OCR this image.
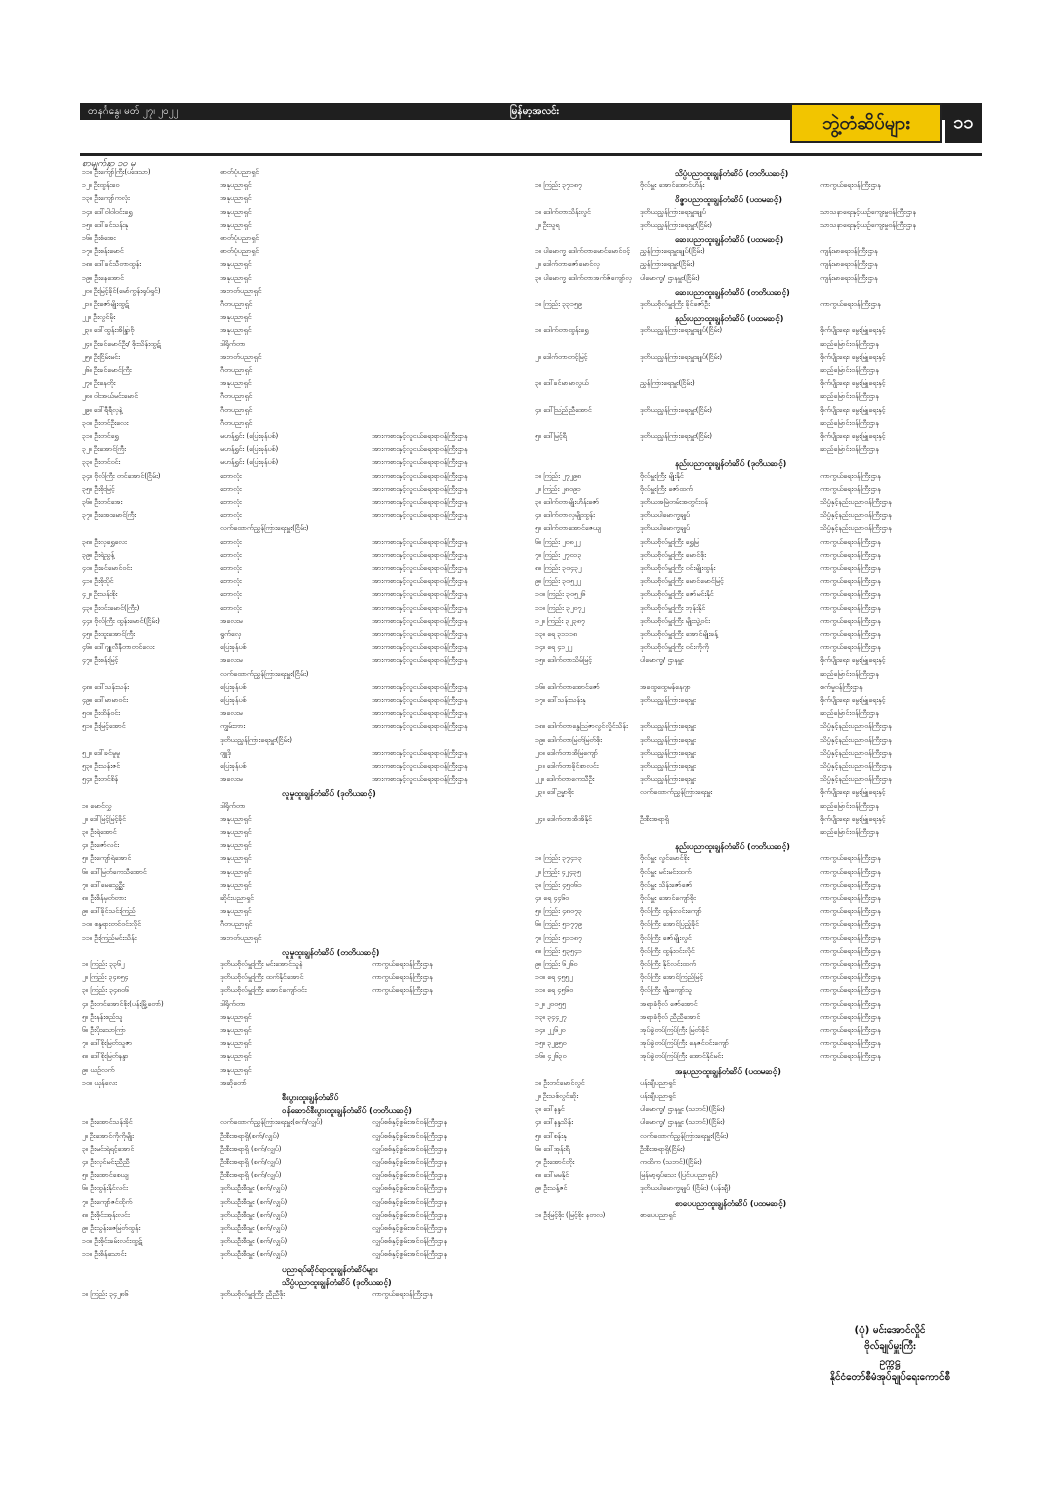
တနင်္ဂနွေ၊ မတ် ၂၇၊ ၂၀၂၂	မြန်မာ့အလင်း
ဘွဲ့တံဆိပ်များ	၁၁
စာမျက်နှာ ၁၀ မှ
၁၁။ ဦးကျော်ကြီး(ပဒေသာ)	ဓာတ်ပုံပညာရှင်
၁၂။ ဦးထွန်းဝေ	အနုပညာရှင်
၁၃။ ဦးကျော်ကလုံး	အနုပညာရှင်
၁၄။ ဒေါ်ဝါဝါဝင်းရွှေ	အနုပညာရှင်
၁၅။ ဒေါ်ခင်သန်းနု	အနုပညာရှင်
၁၆။ ဦးစံအေး	ဓာတ်ပုံပညာရှင်
၁၇။ ဦးစန်းမောင်	ဓာတ်ပုံပညာရှင်
၁၈။ ဒေါ်ခင်သီတာထွန်း	အနုပညာရှင်
၁၉။ ဦးနေအောင်	အနုပညာရှင်
၂၀။ ဦးမြင့်ခိုင်(မော်ကွန်းရုပ်ရှင်)	အဘတ်ပညာရှင်
၂၁။ ဦးဇော်မျိုးထွဋ်	ဂီတပညာရှင်
၂၂။ ဦးလွင်မိုး	အနုပညာရှင်
၂၃။ ဒေါ်ထွန်းအိန္ဒြာဗို	အနုပညာရှင်
၂၄။ ဦးခင်မောင်ဦး/ စိုးသိန်းထွဋ်	ဒါရိုက်တာ
၂၅။ ဦးငြိမ်းမင်း	အဘတ်ပညာရှင်
၂၆။ ဦးခင်မောင်ကြီး	ဂီတပညာရှင်
၂၇။ ဦးနေတိုး	အနုပညာရှင်
၂၈။ ဝါးအယ်မင်းမောင်	ဂီတပညာရှင်
၂၉။ ဒေါ်ရီရီလှနဲ့	ဂီတပညာရှင်
၃၀။ ဦးတင်ဦးလေး	ဂီတပညာရှင်
၃၁။ ဦးတင်ရွှေ	မဟန်ရွှင်း (ပြေးခုန်ပစ်)	အားကစားနှင့်လူငယ်ရေးရာဝန်ကြီးဌာန
၃၂။ ဦးအောင်ကြီး	မဟန်ရွှင်း (ပြေးခုန်ပစ်)	အားကစားနှင့်လူငယ်ရေးရာဝန်ကြီးဌာန
၃၃။ ဦးတင်ဝင်း	မဟန်ရွှင်း (ပြေးခုန်ပစ်)	အားကစားနှင့်လူငယ်ရေးရာဝန်ကြီးဌာန
၃၄။ ဗိုလ်ကြီး တင်အောင်(ငြိမ်း)	ဘောလုံး	အားကစားနှင့်လူငယ်ရေးရာဝန်ကြီးဌာန
၃၅။ ဦးစိုးမြင့်	ဘောလုံး	အားကစားနှင့်လူငယ်ရေးရာဝန်ကြီးဌာန
၃၆။ ဦးတင်အေး	ဘောလုံး	အားကစားနှင့်လူငယ်ရေးရာဝန်ကြီးဌာန
၃၇။ ဦးအေးမောင်ကြီး	ဘောလုံး	အားကစားနှင့်လူငယ်ရေးရာဝန်ကြီးဌာန
လက်ထောက်ညွှန်ကြားရေးမှူး(ငြိမ်း)
၃၈။ ဦးလှရွှေလေး	ဘောလုံး	အားကစားနှင့်လူငယ်ရေးရာဝန်ကြီးဌာန
၃၉။ ဦးရဲညွန့်	ဘောလုံး	အားကစားနှင့်လူငယ်ရေးရာဝန်ကြီးဌာန
၄၀။ ဦးခင်မောင်ဝင်း	ဘောလုံး	အားကစားနှင့်လူငယ်ရေးရာဝန်ကြီးဌာန
၄၁။ ဦးစိုးပိုင်	ဘောလုံး	အားကစားနှင့်လူငယ်ရေးရာဝန်ကြီးဌာန
၄၂။ ဦးသန်းစိုး	ဘောလုံး	အားကစားနှင့်လူငယ်ရေးရာဝန်ကြီးဌာန
၄၃။ ဦးဝင်းမောင်(ကြီး)	ဘောလုံး	အားကစားနှင့်လူငယ်ရေးရာဝန်ကြီးဌာန
၄၄။ ဗိုလ်ကြီး ထွန်းမောင်(ငြိမ်း)	အလေးမ	အားကစားနှင့်လူငယ်ရေးရာဝန်ကြီးဌာန
၄၅။ ဦးထူးအောင်ကြီး	ရွက်လှေ	အားကစားနှင့်လူငယ်ရေးရာဝန်ကြီးဌာန
၄၆။ ဒေါ်ဂျူလီနီတာတင်လေး	ပြေးခုန်ပစ်	အားကစားနှင့်လူငယ်ရေးရာဝန်ကြီးဌာန
၄၇။ ဦးစန်းမြင့်	အလေးမ	အားကစားနှင့်လူငယ်ရေးရာဝန်ကြီးဌာန
လက်ထောက်ညွှန်ကြားရေးမှူး(ငြိမ်း)
၄၈။ ဒေါ်သန်းသန်း	ပြေးခုန်ပစ်	အားကစားနှင့်လူငယ်ရေးရာဝန်ကြီးဌာန
၄၉။ ဒေါ်မာမာဝင်း	ပြေးခုန်ပစ်	အားကစားနှင့်လူငယ်ရေးရာဝန်ကြီးဌာန
၅၀။ ဦးထိန်ဝင်း	အလေးမ	အားကစားနှင့်လူငယ်ရေးရာဝန်ကြီးဌာန
၅၁။ ဦးမြင့်အောင်	ကျွမ်းဘား	အားကစားနှင့်လူငယ်ရေးရာဝန်ကြီးဌာန
ဒုတိယညွှန်ကြားရေးမှူး(ငြိမ်း)
၅၂။ ဒေါ်ခင်မူမူ	ဂျူဒို	အားကစားနှင့်လူငယ်ရေးရာဝန်ကြီးဌာန
၅၃။ ဦးသန်းဇင်	ပြေးခုန်ပစ်	အားကစားနှင့်လူငယ်ရေးရာဝန်ကြီးဌာန
၅၄။ ဦးတင်စိန်	အလေးမ	အားကစားနှင့်လူငယ်ရေးရာဝန်ကြီးဌာန
လူမှုထူးချွန်တံဆိပ် (ဒုတိယဆင့်)
၁။ မောင်လွှ	ဒါရိုက်တာ
၂။ ဒေါ်မြင့်မြင့်ခိုင်	အနုပညာရှင်
၃။ ဦးရဲအောင်	အနုပညာရှင်
၄။ ဦးဇော်လင်း	အနုပညာရှင်
၅။ ဦးကျော်ရဲအောင်	အနုပညာရှင်
၆။ ဒေါ်မြတ်ကေသီအောင်	အနုပညာရှင်
၇။ ဒေါ်မေသွေဥ္ဘီး	အနုပညာရှင်
၈။ ဦးစိန်မှတ်တား	ဆိုင်းပညာရှင်
၉။ ဒေါ်ခိုင်သင်းကြည်	အနုပညာရှင်
၁၀။ စန္ဒရားတင်ဝင်းလိုင်	ဂီတပညာရှင်
၁၁။ ဦးကြည်မင်းသိန်း	အဘတ်ပညာရှင်
လူမှုထူးချွန်တံဆိပ် (တတိယဆင့်)
၁။ ကြည်း ၃၃၆၂	ဒုတိယဗိုလ်မှူးကြီး မင်းအောင်သူနဲ	ကာကွယ်ရေးဝန်ကြီးဌာန
၂။ ကြည်း ၃၄၈၅၄	ဒုတိယဗိုလ်မှူးကြီး ထက်နိုင်အောင်	ကာကွယ်ရေးဝန်ကြီးဌာန
၃။ ကြည်း ၃၄၈၀၆	ဒုတိယဗိုလ်မှူးကြီး အောင်ကျော်ဝင်း	ကာကွယ်ရေးဝန်ကြီးဌာန
၄။ ဦးတင်အောင်စိုး(ပန်းမြို့တော်)	ဒါရိုက်တာ
၅။ ဦးနန်းစည်သူ	အနုပညာရှင်
၆။ ဦးပိုးသောကြာ	အနုပညာရှင်
၇။ ဒေါ်စိုးမြတ်သူဇာ	အနုပညာရှင်
၈။ ဒေါ်စိုးမြတ်နန္ဒာ	အနုပညာရှင်
၉။ ယဉ်လက်	အနုပညာရှင်
၁၀။ ယုန်လေး	အဆိုတော်
စီးပွားထူးချွန်တံဆိပ်
ဝန်ဆောင်စီးပွားထူးချွန်တံဆိပ် (တတိယဆင့်)
၁။ ဦးအောင်သန်းခိုင်	လက်ထောက်ညွှန်ကြားရေးမှူး(စက်/လျှပ်)	လျှပ်စစ်နှင့်စွမ်းအင်ဝန်ကြီးဌာန
၂။ ဦးအောင်ကိုကိုမျိုး	ဦးစီးအရာရှိ(စက်/လျှပ်)	လျှပ်စစ်နှင့်စွမ်းအင်ဝန်ကြီးဌာန
၃။ ဦးမင်းရဲရင့်အောင်	ဦးစီးအရာရှိ (စက်/လျှပ်)	လျှပ်စစ်နှင့်စွမ်းအင်ဝန်ကြီးဌာန
၄။ ဦးလှင်မင်းညီညီ	ဦးစီးအရာရှိ (စက်/လျှပ်)	လျှပ်စစ်နှင့်စွမ်းအင်ဝန်ကြီးဌာန
၅။ ဦးအောင်စေယျ	ဦးစီးအရာရှိ (စက်/လျှပ်)	လျှပ်စစ်နှင့်စွမ်းအင်ဝန်ကြီးဌာန
၆။ ဦးထွန်းနိုင်လင်း	ဒုတိယဦးစီးမှူး (စက်/လျှပ်)	လျှပ်စစ်နှင့်စွမ်းအင်ဝန်ကြီးဌာန
၇။ ဦးကျော်ဇင်ထိုက်	ဒုတိယဦးစီးမှူး (စက်/လျှပ်)	လျှပ်စစ်နှင့်စွမ်းအင်ဝန်ကြီးဌာန
၈။ ဦးစိုင်းအုန်းလင်း	ဒုတိယဦးစီးမှူး (စက်/လျှပ်)	လျှပ်စစ်နှင့်စွမ်းအင်ဝန်ကြီးဌာန
၉။ ဦးသွန်းဇေမြတ်ထွန်း	ဒုတိယဦးစီးမှူး (စက်/လျှပ်)	လျှပ်စစ်နှင့်စွမ်းအင်ဝန်ကြီးဌာန
၁၀။ ဦးစိုင်းခမ်းလင်းထွဋ်	ဒုတိယဦးစီးမှူး (စက်/လျှပ်)	လျှပ်စစ်နှင့်စွမ်းအင်ဝန်ကြီးဌာန
၁၁။ ဦးစိန်သောင်း	ဒုတိယဦးစီးမှူး (စက်/လျှပ်)	လျှပ်စစ်နှင့်စွမ်းအင်ဝန်ကြီးဌာန
ပညာရပ်ဆိုင်ရာထူးချွန်တံဆိပ်များ
သိပ္ပံပညာထူးချွန်တံဆိပ် (ဒုတိယဆင့်)
၁။ ကြည်း ၃၄၂၈၆	ဒုတိယဗိုလ်မှူးကြီး ညီညီဖိုး	ကာကွယ်ရေးဝန်ကြီးဌာန
သိပ္ပံပညာထူးချွန်တံဆိပ် (တတိယဆင့်)
၁။ ကြည်း ၃၇၁၈၇	ဗိုလ်မှူး အောင်အောင်ဟိန်း	ကာကွယ်ရေးဝန်ကြီးဌာန
ဝိဇ္ဇာပညာထူးချွန်တံဆိပ် (ပထမဆင့်)
၁။ ဒေါက်တာသိန်းလွင်	ဒုတိယညွှန်ကြားရေးမှူးချုပ်	သာသနာရေးနှင့်ယဉ်ကျေးမှုဝန်ကြီးဌာန
၂။ ဦးသူရ	ဒုတိယညွှန်ကြားရေးမှူး(ငြိမ်း)	သာသနာရေးနှင့်ယဉ်ကျေးမှုဝန်ကြီးဌာန
ဆေးပညာထူးချွန်တံဆိပ် (ပထမဆင့်)
၁။ ပါမောက္ခ ဒေါက်တာမောင်မောင်ဝင့်	ညွှန်ကြားရေးမှူးချုပ်(ငြိမ်း)	ကျန်းမာရေးဝန်ကြီးဌာန
၂။ ဒေါက်တာဇော်မောင်လှ	ညွှန်ကြားရေးမှူး(ငြိမ်း)	ကျန်းမာရေးဝန်ကြီးဌာန
၃။ ပါမောက္ခ ဒေါက်တာအက်ဇ်ကျော်လှ	ပါမောက္ခ/ ဌာနမှူး(ငြိမ်း)	ကျန်းမာရေးဝန်ကြီးဌာန
ဆေးပညာထူးချွန်တံဆိပ် (တတိယဆင့်)
၁။ ကြည်း ၃၃၁၅၉	ဒုတိယဗိုလ်မှူးကြီး ခိုင်ဇော်ဦး	ကာကွယ်ရေးဝန်ကြီးဌာန
နည်းပညာထူးချွန်တံဆိပ် (ပထမဆင့်)
၁။ ဒေါက်တာထွန်းရွှေ	ဒုတိယညွှန်ကြားရေးမှူးချုပ်(ငြိမ်း)	စိုက်ပျိုးရေး၊ မွေးမြူရေးနှင့်
ဆည်မြောင်းဝန်ကြီးဌာန
၂။ ဒေါက်တာတင့်မြင့်	ဒုတိယညွှန်ကြားရေးမှူးချုပ်(ငြိမ်း)	စိုက်ပျိုးရေး၊ မွေးမြူရေးနှင့်
ဆည်မြောင်းဝန်ကြီးဌာန
၃။ ဒေါ်ခင်မာမာလွယ်	ညွှန်ကြားရေးမှူး(ငြိမ်း)	စိုက်ပျိုးရေး၊ မွေးမြူရေးနှင့်
ဆည်မြောင်းဝန်ကြီးဌာန
၄။ ဒေါ်သြည်ညီအောင်	ဒုတိယညွှန်ကြားရေးမှူး(ငြိမ်း)	စိုက်ပျိုးရေး၊ မွေးမြူရေးနှင့်
ဆည်မြောင်းဝန်ကြီးဌာန
၅။ ဒေါ်မြင့်ရီ	ဒုတိယညွှန်ကြားရေးမှူး(ငြိမ်း)	စိုက်ပျိုးရေး၊ မွေးမြူရေးနှင့်
ဆည်မြောင်းဝန်ကြီးဌာန
နည်းပညာထူးချွန်တံဆိပ် (ဒုတိယဆင့်)
၁။ ကြည်း ၂၇၂၉၈	ဗိုလ်မှူးကြီး မျိုးနိုင်	ကာကွယ်ရေးဝန်ကြီးဌာန
၂။ ကြည်း ၂၈၀၉၁	ဗိုလ်မှူးကြီး ဇော်ထက်	ကာကွယ်ရေးဝန်ကြီးဌာန
၃။ ဒေါက်တာမျိုးဟိန်းဇော်	ဒုတိယအမြဲတမ်းအတွင်းဝန်	သိပ္ပံနှင့်နည်းပညာဝန်ကြီးဌာန
၄။ ဒေါက်တာလှမျိုးထွန်း	ဒုတိယပါမောက္ခချုပ်	သိပ္ပံနှင့်နည်းပညာဝန်ကြီးဌာန
၅။ ဒေါက်တာအောင်ဇေယျ	ဒုတိယပါမောက္ခချုပ်	သိပ္ပံနှင့်နည်းပညာဝန်ကြီးဌာန
၆။ ကြည်း ၂၀၈၂၂	ဒုတိယဗိုလ်မှူးကြီး ရွှေမြ	ကာကွယ်ရေးဝန်ကြီးဌာန
၇။ ကြည်း ၂၇၀၁၃	ဒုတိယဗိုလ်မှူးကြီး မောင်စိုး	ကာကွယ်ရေးဝန်ကြီးဌာန
၈။ ကြည်း ၃၀၄၃၂	ဒုတိယဗိုလ်မှူးကြီး ဝင်းမျိုးထွန်း	ကာကွယ်ရေးဝန်ကြီးဌာန
၉။ ကြည်း ၃၀၅၂၂	ဒုတိယဗိုလ်မှူးကြီး မောင်မောင်မြင့်	ကာကွယ်ရေးဝန်ကြီးဌာန
၁၀။ ကြည်း ၃၀၅၂၆	ဒုတိယဗိုလ်မှူးကြီး ဇော်မင်းနိုင်	ကာကွယ်ရေးဝန်ကြီးဌာန
၁၁။ ကြည်း ၃၂၀၇၂	ဒုတိယဗိုလ်မှူးကြီး ဘုန်းနိုင်	ကာကွယ်ရေးဝန်ကြီးဌာန
၁၂။ ကြည်း ၃၂၃၈၇	ဒုတိယဗိုလ်မှူးကြီး မျိုးသွဲ့ဝင်း	ကာကွယ်ရေးဝန်ကြီးဌာန
၁၃။ ရေ ၃၁၁၁၈	ဒုတိယဗိုလ်မှူးကြီး အောင်မျိုးခန့်	ကာကွယ်ရေးဝန်ကြီးဌာန
၁၄။ ရေ ၄၁၂၂	ဒုတိယဗိုလ်မှူးကြီး ဝင်းကိုကို	ကာကွယ်ရေးဝန်ကြီးဌာန
၁၅။ ဒေါက်တာသိမ်မြင့်	ပါမောက္ခ/ ဌာနမှူး	စိုက်ပျိုးရေး၊ မွေးမြူရေးနှင့်
ဆည်မြောင်းဝန်ကြီးဌာန
၁၆။ ဒေါက်တာအောင်ဇော်	အထွေထွေမန်နေဂျာ	စက်မှုဝန်ကြီးဌာန
၁၇။ ဒေါ်သန်းသန်းနု	ဒုတိယညွှန်ကြားရေးမှူး	စိုက်ပျိုးရေး၊ မွေးမြူရေးနှင့်
ဆည်မြောင်းဝန်ကြီးဌာန
၁၈။ ဒေါက်တာနွေဩဇာလွင်လှိုင်သိန်း	ဒုတိယညွှန်ကြားရေးမှူး	သိပ္ပံနှင့်နည်းပညာဝန်ကြီးဌာန
၁၉။ ဒေါက်တာမြတ်မြတ်စိုး	ဒုတိယညွှန်ကြားရေးမှူး	သိပ္ပံနှင့်နည်းပညာဝန်ကြီးဌာန
၂၀။ ဒေါက်တာအိမြကျော်	ဒုတိယညွှန်ကြားရေးမှူး	သိပ္ပံနှင့်နည်းပညာဝန်ကြီးဌာန
၂၁။ ဒေါက်တာခိုင်စာလင်း	ဒုတိယညွှန်ကြားရေးမှူး	သိပ္ပံနှင့်နည်းပညာဝန်ကြီးဌာန
၂၂။ ဒေါက်တာကေသီဦး	ဒုတိယညွှန်ကြားရေးမှူး	သိပ္ပံနှင့်နည်းပညာဝန်ကြီးဌာန
၂၃။ ဒေါ်ဥမ္မာစိုး	လက်ထောက်ညွှန်ကြားရေးမှူး	စိုက်ပျိုးရေး၊ မွေးမြူရေးနှင့်
ဆည်မြောင်းဝန်ကြီးဌာန
၂၄။ ဒေါက်တာအိအိနိုင်	ဦးစီးအရာရှိ	စိုက်ပျိုးရေး၊ မွေးမြူရေးနှင့်
ဆည်မြောင်းဝန်ကြီးဌာန
နည်းပညာထူးချွန်တံဆိပ် (တတိယဆင့်)
၁။ ကြည်း ၃၇၄၁၃	ဗိုလ်မှူး လွင်မောင်စိုး	ကာကွယ်ရေးဝန်ကြီးဌာန
၂။ ကြည်း ၄၂၄၃၅	ဗိုလ်မှူး မင်းမင်းထက်	ကာကွယ်ရေးဝန်ကြီးဌာန
၃။ ကြည်း ၄၅၀၆၁	ဗိုလ်မှူး သိန်းဇော်ဇော်	ကာကွယ်ရေးဝန်ကြီးဌာန
၄။ ရေ ၄၄၆၀	ဗိုလ်မှူး အောင်ကျော်စိုး	ကာကွယ်ရေးဝန်ကြီးဌာန
၅။ ကြည်း ၄၈၀၇၃	ဗိုလ်ကြီး ထွန်းလင်းကျော်	ကာကွယ်ရေးဝန်ကြီးဌာန
၆။ ကြည်း ၅၁၇၇၉	ဗိုလ်ကြီး အောင်ပြည့်ခိုင်	ကာကွယ်ရေးဝန်ကြီးဌာန
၇။ ကြည်း ၅၁၁၈၇	ဗိုလ်ကြီး ဇော်မျိုးလွင်	ကာကွယ်ရေးဝန်ကြီးဌာန
၈။ ကြည်း ၅၃၅၄၁	ဗိုလ်ကြီး ထွန်းဝင်းလိုင်	ကာကွယ်ရေးဝန်ကြီးဌာန
၉။ ကြည်း ၆၂၆၀	ဗိုလ်ကြီး နိုင်လင်းထက်	ကာကွယ်ရေးဝန်ကြီးဌာန
၁၀။ ရေ ၄၅၅၂	ဗိုလ်ကြီး အောင်ကြည်မြင့်	ကာကွယ်ရေးဝန်ကြီးဌာန
၁၁။ ရေ ၄၅၆၀	ဗိုလ်ကြီး မျိုးကျော်သူ	ကာကွယ်ရေးဝန်ကြီးဌာန
၁၂။ ၂၀၀၅၅	အရာခံဗိုလ် ဇော်အောင်	ကာကွယ်ရေးဝန်ကြီးဌာန
၁၃။ ၃၄၄၂၇	အရာခံဗိုလ် ညီညီအောင်	ကာကွယ်ရေးဝန်ကြီးဌာန
၁၄။ ၂၂၆၂၀	အုပ်ခွဲတပ်ကြပ်ကြီး မြတ်ခိုင်	ကာကွယ်ရေးဝန်ကြီးဌာန
၁၅။ ၃၂၉၅၀	အုပ်ခွဲတပ်ကြပ်ကြီး နေဇင်ဝင်းကျော်	ကာကွယ်ရေးဝန်ကြီးဌာန
၁၆။ ၄၂၆၃၀	အုပ်ခွဲတပ်ကြပ်ကြီး အောင်နိုင်မင်း	ကာကွယ်ရေးဝန်ကြီးဌာန
အနုပညာထူးချွန်တံဆိပ် (ပထမဆင့်)
၁။ ဦးတင်မောင်လွင်	ပန်းချီပညာရှင်
၂။ ဦးသစ်လွင်ဆိုး	ပန်းချီပညာရှင်
၃။ ဒေါ်နန္ဒင်	ပါမောက္ခ/ ဌာနမှူး (သဘင်)(ငြိမ်း)
၄။ ဒေါ်နန္ဒသိန်း	ပါမောက္ခ/ ဌာနမှူး (သဘင်)(ငြိမ်း)
၅။ ဒေါ်စန်းနု	လက်ထောက်ညွှန်ကြားရေးမှူး(ငြိမ်း)
၆။ ဒေါ်အုန်းရီ	ဦးစီးအရာရှိ(ငြိမ်း)
၇။ ဦးအောင်တိုး	ကထိက (သဘင်)(ငြိမ်း)
၈။ ဒေါ်မမနိုင်	မြန်မာ့ရုပ်သေး (ပြင်ပပညာရှင်)
၉။ ဦးသန့်ဇင်	ဒုတိယပါမောက္ခချုပ် (ငြိမ်း) (ပန်းချီ)
စာပေပညာထူးချွန်တံဆိပ် (ပထမဆင့်)
၁။ ဦးမြင့်စိုး (မြင့်စိုး နတလ)	စာပေပညာရှင်
(ပုံ) မင်းအောင်လှိုင်
ဗိုလ်ချုပ်မှူးကြီး
ဥက္ကဋ္ဌ
နိုင်ငံတော်စီမံအုပ်ချုပ်ရေးကောင်စီ
